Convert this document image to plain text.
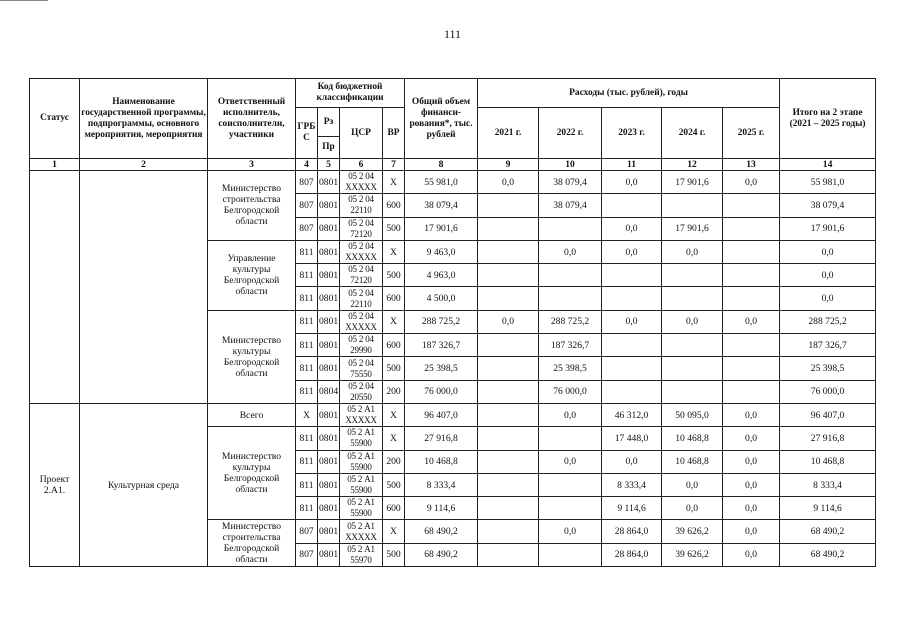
111
Статус	Наименование государственной программы, подпрограммы, основного мероприятия, мероприятия	Ответственный исполнитель, соисполнители, участники	Код бюджетной классификации				Общий объем финанси-рования*, тыс. рублей	Расходы (тыс. рублей), годы					Итого на 2 этапе (2021 – 2025 годы)
			ГРБ С	Рз	ЦСР	ВР		2021 г.	2022 г.	2023 г.	2024 г.	2025 г.	
				Пр									
1	2	3	4	5	6	7	8	9	10	11	12	13	14
		Министерство строительства Белгородской области	807	0801	05 2 04 ХХХХХ	Х	55 981,0	0,0	38 079,4	0,0	17 901,6	0,0	55 981,0
			807	0801	05 2 04 22110	600	38 079,4		38 079,4				38 079,4
			807	0801	05 2 04 72120	500	17 901,6			0,0	17 901,6		17 901,6
		Управление культуры Белгородской области	811	0801	05 2 04 ХХХХХ	Х	9 463,0		0,0	0,0	0,0		0,0
			811	0801	05 2 04 72120	500	4 963,0						0,0
			811	0801	05 2 04 22110	600	4 500,0						0,0
		Министерство культуры Белгородской области	811	0801	05 2 04 ХХХХХ	Х	288 725,2	0,0	288 725,2	0,0	0,0	0,0	288 725,2
			811	0801	05 2 04 29990	600	187 326,7		187 326,7				187 326,7
			811	0801	05 2 04 75550	500	25 398,5		25 398,5				25 398,5
			811	0804	05 2 04 20550	200	76 000,0		76 000,0				76 000,0
Проект 2.А1.	Культурная среда	Всего	Х	0801	05 2 А1 ХХХХХ	Х	96 407,0		0,0	46 312,0	50 095,0	0,0	96 407,0
		Министерство культуры Белгородской области	811	0801	05 2 А1 55900	Х	27 916,8			17 448,0	10 468,8	0,0	27 916,8
			811	0801	05 2 А1 55900	200	10 468,8		0,0	0,0	10 468,8	0,0	10 468,8
			811	0801	05 2 А1 55900	500	8 333,4			8 333,4	0,0	0,0	8 333,4
			811	0801	05 2 А1 55900	600	9 114,6			9 114,6	0,0	0,0	9 114,6
		Министерство строительства Белгородской области	807	0801	05 2 А1 ХХХХХ	Х	68 490,2		0,0	28 864,0	39 626,2	0,0	68 490,2
			807	0801	05 2 А1 55970	500	68 490,2			28 864,0	39 626,2	0,0	68 490,2
